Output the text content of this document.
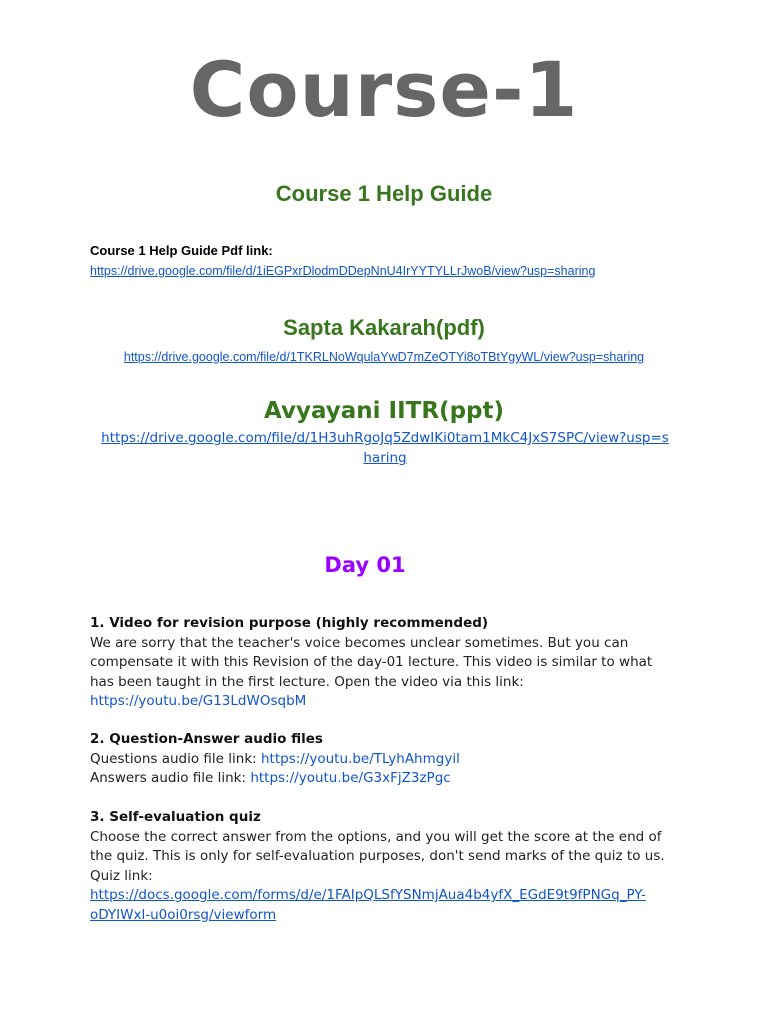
Course-1
Course 1 Help Guide
Course 1 Help Guide Pdf link:
https://drive.google.com/file/d/1iEGPxrDlodmDDepNnU4IrYYTYLLrJwoB/view?usp=sharing
Sapta Kakarah(pdf)
https://drive.google.com/file/d/1TKRLNoWqulaYwD7mZeOTYi8oTBtYgyWL/view?usp=sharing
Avyayani IITR(ppt)
https://drive.google.com/file/d/1H3uhRgoJq5ZdwIKi0tam1MkC4JxS7SPC/view?usp=s
haring
Day 01
1. Video for revision purpose (highly recommended)
We are sorry that the teacher's voice becomes unclear sometimes. But you can
compensate it with this Revision of the day-01 lecture. This video is similar to what
has been taught in the first lecture. Open the video via this link:
https://youtu.be/G13LdWOsqbM
2. Question-Answer audio files
Questions audio file link: https://youtu.be/TLyhAhmgyil
Answers audio file link: https://youtu.be/G3xFjZ3zPgc
3. Self-evaluation quiz
Choose the correct answer from the options, and you will get the score at the end of
the quiz. This is only for self-evaluation purposes, don't send marks of the quiz to us.
Quiz link:
https://docs.google.com/forms/d/e/1FAIpQLSfYSNmjAua4b4yfX_EGdE9t9fPNGq_PY-
oDYIWxl-u0oi0rsg/viewform
